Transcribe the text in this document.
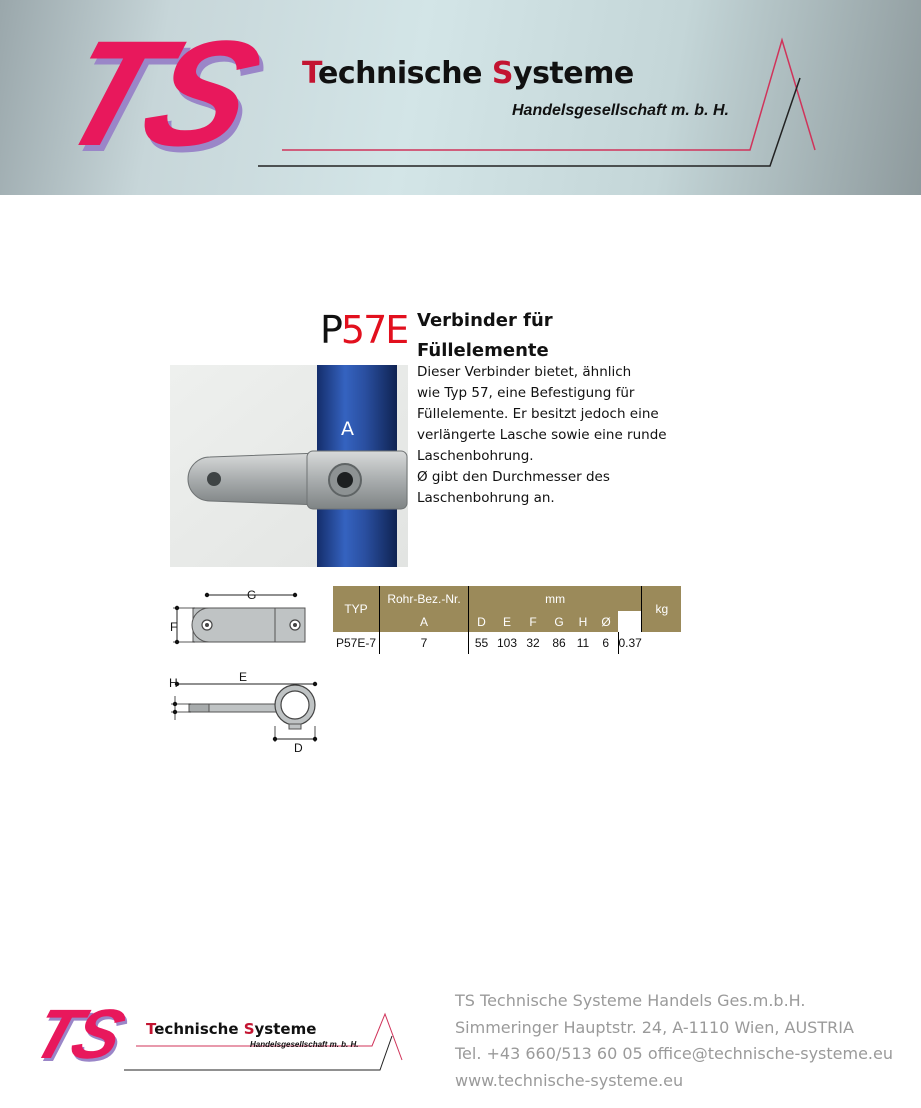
TS Technische Systeme
Handelsgesellschaft m. b. H.
P57E Verbinder für
Füllelemente
Dieser Verbinder bietet, ähnlich
wie Typ 57, eine Befestigung für
Füllelemente. Er besitzt jedoch eine
verlängerte Lasche sowie eine runde
Laschenbohrung.
Ø gibt den Durchmesser des
Laschenbohrung an.
A
G
F
E
H
D
TYP	Rohr-Bez.-Nr.	mm							kg
	A	D	E	F	G	H	Ø		
P57E-7	7	55	103	32	86	11	6	0.37	
TS Technische Systeme
Handelsgesellschaft m. b. H.
TS Technische Systeme Handels Ges.m.b.H.
Simmeringer Hauptstr. 24, A-1110 Wien, AUSTRIA
Tel. +43 660/513 60 05 office@technische-systeme.eu
www.technische-systeme.eu
